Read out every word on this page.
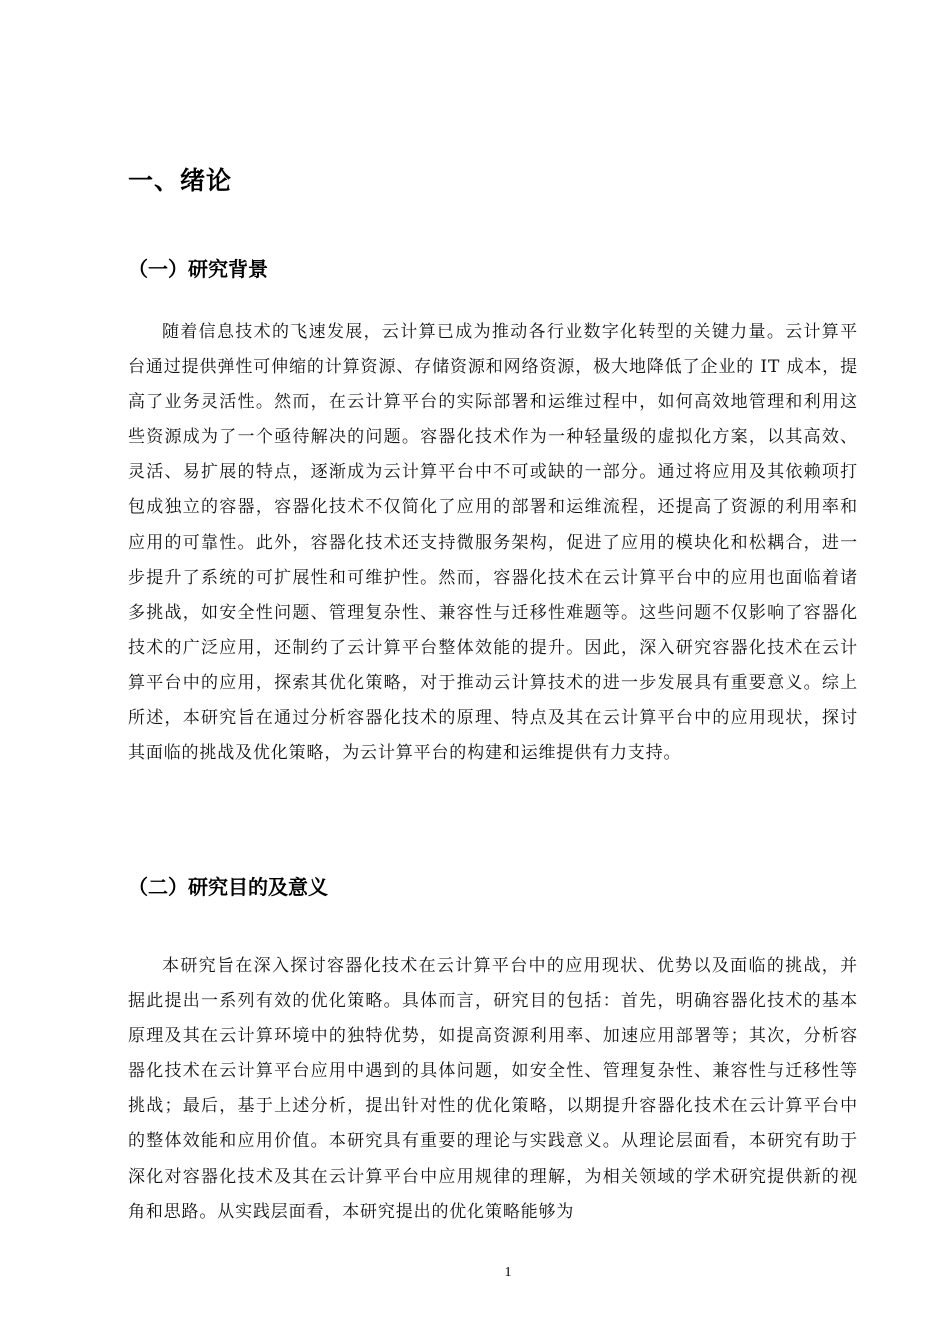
一、绪论
（一）研究背景

随着信息技术的飞速发展，云计算已成为推动各行业数字化转型的关键力量。云计算平台通过提供弹性可伸缩的计算资源、存储资源和网络资源，极大地降低了企业的 IT 成本，提高了业务灵活性。然而，在云计算平台的实际部署和运维过程中，如何高效地管理和利用这些资源成为了一个亟待解决的问题。容器化技术作为一种轻量级的虚拟化方案，以其高效、灵活、易扩展的特点，逐渐成为云计算平台中不可或缺的一部分。通过将应用及其依赖项打包成独立的容器，容器化技术不仅简化了应用的部署和运维流程，还提高了资源的利用率和应用的可靠性。此外，容器化技术还支持微服务架构，促进了应用的模块化和松耦合，进一步提升了系统的可扩展性和可维护性。然而，容器化技术在云计算平台中的应用也面临着诸多挑战，如安全性问题、管理复杂性、兼容性与迁移性难题等。这些问题不仅影响了容器化技术的广泛应用，还制约了云计算平台整体效能的提升。因此，深入研究容器化技术在云计算平台中的应用，探索其优化策略，对于推动云计算技术的进一步发展具有重要意义。综上所述，本研究旨在通过分析容器化技术的原理、特点及其在云计算平台中的应用现状，探讨其面临的挑战及优化策略，为云计算平台的构建和运维提供有力支持。

（二）研究目的及意义

本研究旨在深入探讨容器化技术在云计算平台中的应用现状、优势以及面临的挑战，并据此提出一系列有效的优化策略。具体而言，研究目的包括：首先，明确容器化技术的基本原理及其在云计算环境中的独特优势，如提高资源利用率、加速应用部署等；其次，分析容器化技术在云计算平台应用中遇到的具体问题，如安全性、管理复杂性、兼容性与迁移性等挑战；最后，基于上述分析，提出针对性的优化策略，以期提升容器化技术在云计算平台中的整体效能和应用价值。本研究具有重要的理论与实践意义。从理论层面看，本研究有助于深化对容器化技术及其在云计算平台中应用规律的理解，为相关领域的学术研究提供新的视角和思路。从实践层面看，本研究提出的优化策略能够为

1
